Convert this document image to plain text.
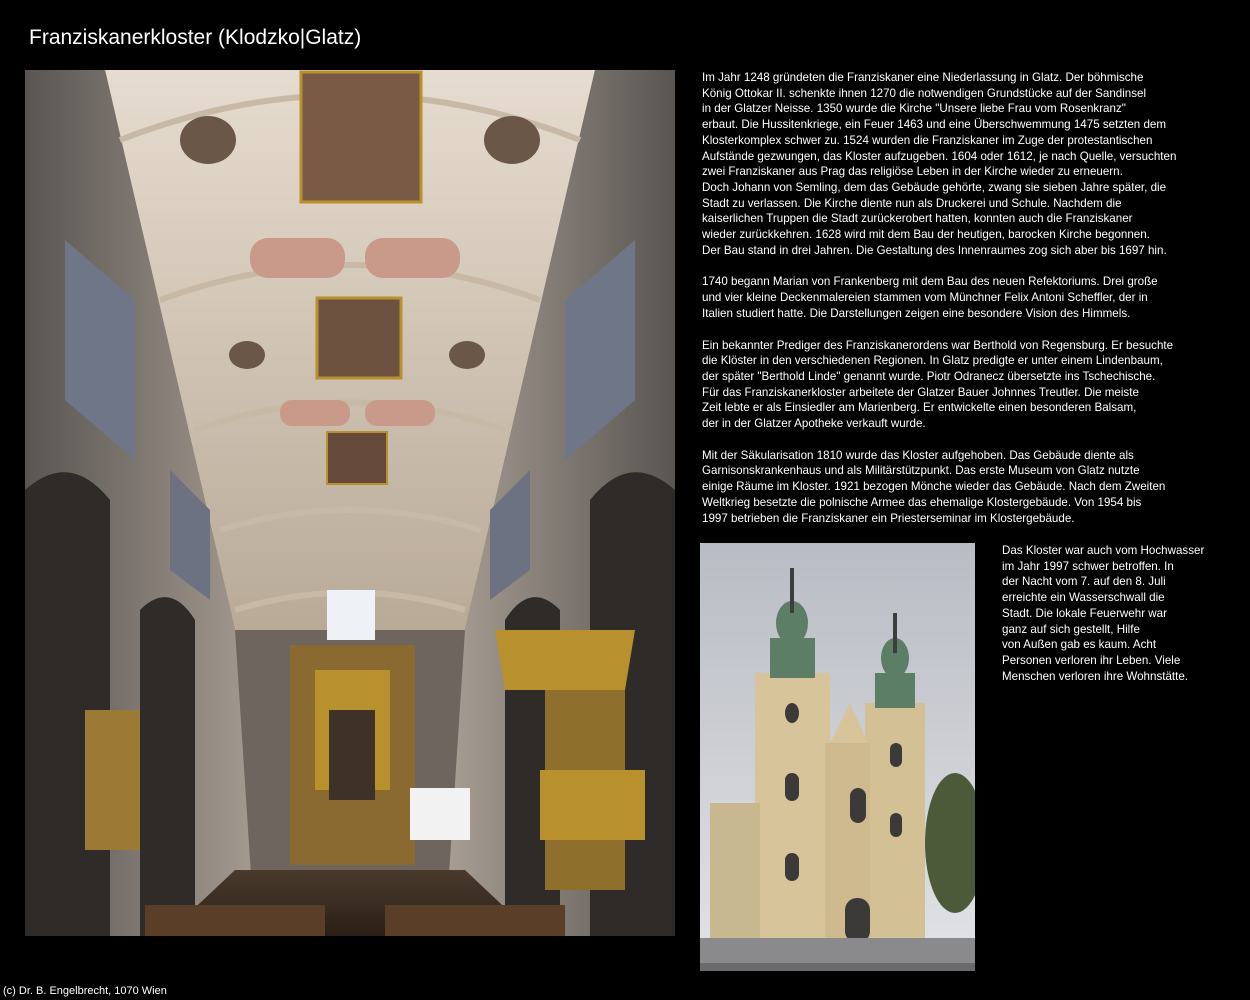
Franziskanerkloster (Klodzko|Glatz)

Im Jahr 1248 gründeten die Franziskaner eine Niederlassung in Glatz. Der böhmische
König Ottokar II. schenkte ihnen 1270 die notwendigen Grundstücke auf der Sandinsel
in der Glatzer Neisse. 1350 wurde die Kirche "Unsere liebe Frau vom Rosenkranz"
erbaut. Die Hussitenkriege, ein Feuer 1463 und eine Überschwemmung 1475 setzten dem
Klosterkomplex schwer zu. 1524 wurden die Franziskaner im Zuge der protestantischen
Aufstände gezwungen, das Kloster aufzugeben. 1604 oder 1612, je nach Quelle, versuchten
zwei Franziskaner aus Prag das religiöse Leben in der Kirche wieder zu erneuern.
Doch Johann von Semling, dem das Gebäude gehörte, zwang sie sieben Jahre später, die
Stadt zu verlassen. Die Kirche diente nun als Druckerei und Schule. Nachdem die
kaiserlichen Truppen die Stadt zurückerobert hatten, konnten auch die Franziskaner
wieder zurückkehren. 1628 wird mit dem Bau der heutigen, barocken Kirche begonnen.
Der Bau stand in drei Jahren. Die Gestaltung des Innenraumes zog sich aber bis 1697 hin.

1740 begann Marian von Frankenberg mit dem Bau des neuen Refektoriums. Drei große
und vier kleine Deckenmalereien stammen vom Münchner Felix Antoni Scheffler, der in
Italien studiert hatte. Die Darstellungen zeigen eine besondere Vision des Himmels.

Ein bekannter Prediger des Franziskanerordens war Berthold von Regensburg. Er besuchte
die Klöster in den verschiedenen Regionen. In Glatz predigte er unter einem Lindenbaum,
der später "Berthold Linde" genannt wurde. Piotr Odranecz übersetzte ins Tschechische.
Für das Franziskanerkloster arbeitete der Glatzer Bauer Johnnes Treutler. Die meiste
Zeit lebte er als Einsiedler am Marienberg. Er entwickelte einen besonderen Balsam,
der in der Glatzer Apotheke verkauft wurde.

Mit der Säkularisation 1810 wurde das Kloster aufgehoben. Das Gebäude diente als
Garnisonskrankenhaus und als Militärstützpunkt. Das erste Museum von Glatz nutzte
einige Räume im Kloster. 1921 bezogen Mönche wieder das Gebäude. Nach dem Zweiten
Weltkrieg besetzte die polnische Armee das ehemalige Klostergebäude. Von 1954 bis
1997 betrieben die Franziskaner ein Priesterseminar im Klostergebäude.

Das Kloster war auch vom Hochwasser
im Jahr 1997 schwer betroffen. In
der Nacht vom 7. auf den 8. Juli
erreichte ein Wasserschwall die
Stadt. Die lokale Feuerwehr war
ganz auf sich gestellt, Hilfe
von Außen gab es kaum. Acht
Personen verloren ihr Leben. Viele
Menschen verloren ihre Wohnstätte.
(c) Dr. B. Engelbrecht, 1070 Wien
